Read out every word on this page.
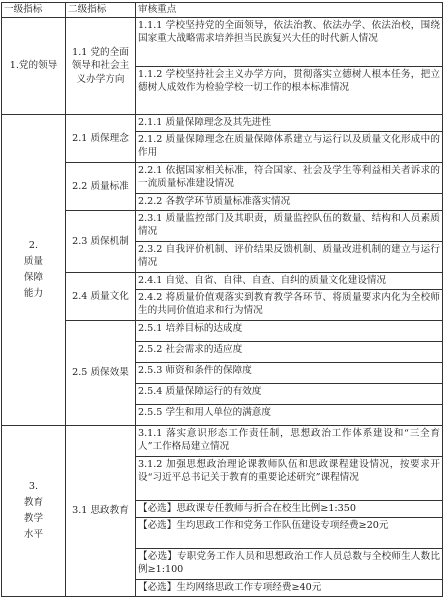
一级指标	二级指标	审核重点
1.党的领导	1.1 党的全面领导和社会主义办学方向	1.1.1 学校坚持党的全面领导，依法治教、依法办学、依法治校，围绕国家重大战略需求培养担当民族复兴大任的时代新人情况
		1.1.2 学校坚持社会主义办学方向，贯彻落实立德树人根本任务，把立德树人成效作为检验学校一切工作的根本标准情况

2.
质量
保障
能力	2.1 质保理念	2.1.1 质量保障理念及其先进性
		2.1.2 质量保障理念在质量保障体系建立与运行以及质量文化形成中的作用
	2.2 质量标准	2.2.1 依据国家相关标准，符合国家、社会及学生等利益相关者诉求的一流质量标准建设情况
		2.2.2 各教学环节质量标准落实情况
	2.3 质保机制	2.3.1 质量监控部门及其职责，质量监控队伍的数量、结构和人员素质情况
		2.3.2 自我评价机制、评价结果反馈机制、质量改进机制的建立与运行情况
	2.4 质量文化	2.4.1 自觉、自省、自律、自查、自纠的质量文化建设情况
		2.4.2 将质量价值观落实到教育教学各环节、将质量要求内化为全校师生的共同价值追求和行为情况
	2.5 质保效果	2.5.1 培养目标的达成度
		2.5.2 社会需求的适应度
		2.5.3 师资和条件的保障度
		2.5.4 质量保障运行的有效度
		2.5.5 学生和用人单位的满意度

3.
教育
教学
水平	3.1 思政教育	3.1.1 落实意识形态工作责任制，思想政治工作体系建设和“三全育人”工作格局建立情况
		3.1.2 加强思想政治理论课教师队伍和思政课程建设情况，按要求开设“习近平总书记关于教育的重要论述研究”课程情况
		【必选】思政课专任教师与折合在校生比例≥1:350
		【必选】生均思政工作和党务工作队伍建设专项经费≥20元
		【必选】专职党务工作人员和思想政治工作人员总数与全校师生人数比例≥1:100
		【必选】生均网络思政工作专项经费≥40元
